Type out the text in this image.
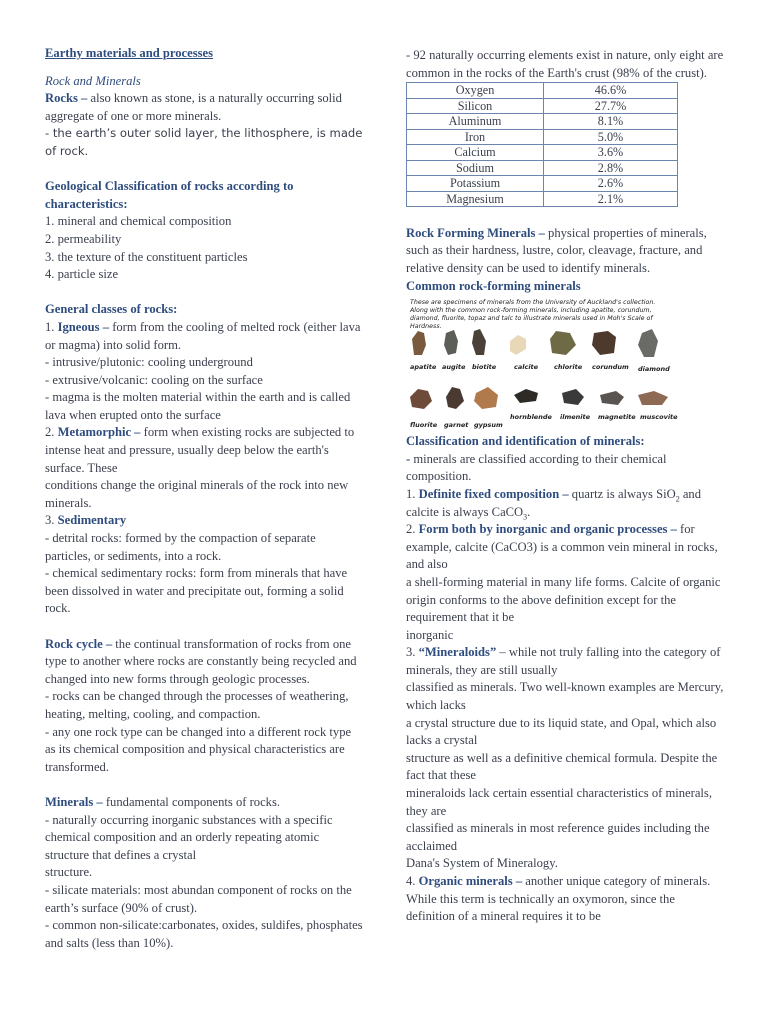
Earthy materials and processes
Rock and Minerals
Rocks – also known as stone, is a naturally occurring solid aggregate of one or more minerals.
- the earth’s outer solid layer, the lithosphere, is made of rock.
Geological Classification of rocks according to characteristics:
1. mineral and chemical composition
2. permeability
3. the texture of the constituent particles
4. particle size
General classes of rocks:
1. Igneous – form from the cooling of melted rock (either lava or magma) into solid form.
- intrusive/plutonic: cooling underground
- extrusive/volcanic: cooling on the surface
- magma is the molten material within the earth and is called lava when erupted onto the surface
2. Metamorphic – form when existing rocks are subjected to intense heat and pressure, usually deep below the earth's surface. These
conditions change the original minerals of the rock into new minerals.
3. Sedimentary
- detrital rocks: formed by the compaction of separate particles, or sediments, into a rock.
- chemical sedimentary rocks: form from minerals that have been dissolved in water and precipitate out, forming a solid rock.
Rock cycle – the continual transformation of rocks from one type to another where rocks are constantly being recycled and changed into new forms through geologic processes.
- rocks can be changed through the processes of weathering, heating, melting, cooling, and compaction.
- any one rock type can be changed into a different rock type as its chemical composition and physical characteristics are transformed.
Minerals – fundamental components of rocks.
- naturally occurring inorganic substances with a specific chemical composition and an orderly repeating atomic structure that defines a crystal
structure.
- silicate materials: most abundan component of rocks on the earth’s surface (90% of crust).
- common non-silicate:carbonates, oxides, suldifes, phosphates and salts (less than 10%).
- 92 naturally occurring elements exist in nature, only eight are common in the rocks of the Earth's crust (98% of the crust).
Oxygen	46.6%
Silicon	27.7%
Aluminum	8.1%
Iron	5.0%
Calcium	3.6%
Sodium	2.8%
Potassium	2.6%
Magnesium	2.1%
Rock Forming Minerals – physical properties of minerals, such as their hardness, lustre, color, cleavage, fracture, and relative density can be used to identify minerals.
Common rock-forming minerals
These are specimens of minerals from the University of Auckland's collection. Along with the common rock-forming minerals, including apatite, corundum, diamond, fluorite, topaz and talc to illustrate minerals used in Moh's Scale of Hardness.
apatite augite biotite	calcite chlorite corundum diamond
fluorite garnet gypsum
hornblende ilmenite magnetite muscovite
Classification and identification of minerals:
- minerals are classified according to their chemical composition.
1. Definite fixed composition – quartz is always SiO$_2$ and calcite is always CaCO$_3$.
2. Form both by inorganic and organic processes – for example, calcite (CaCO3) is a common vein mineral in rocks, and also
a shell-forming material in many life forms. Calcite of organic origin conforms to the above definition except for the requirement that it be
inorganic
3. “Mineraloids” – while not truly falling into the category of minerals, they are still usually
classified as minerals. Two well-known examples are Mercury, which lacks
a crystal structure due to its liquid state, and Opal, which also lacks a crystal
structure as well as a definitive chemical formula. Despite the fact that these
mineraloids lack certain essential characteristics of minerals, they are
classified as minerals in most reference guides including the acclaimed
Dana's System of Mineralogy.
4. Organic minerals – another unique category of minerals. While this term is technically an oxymoron, since the definition of a mineral requires it to be
